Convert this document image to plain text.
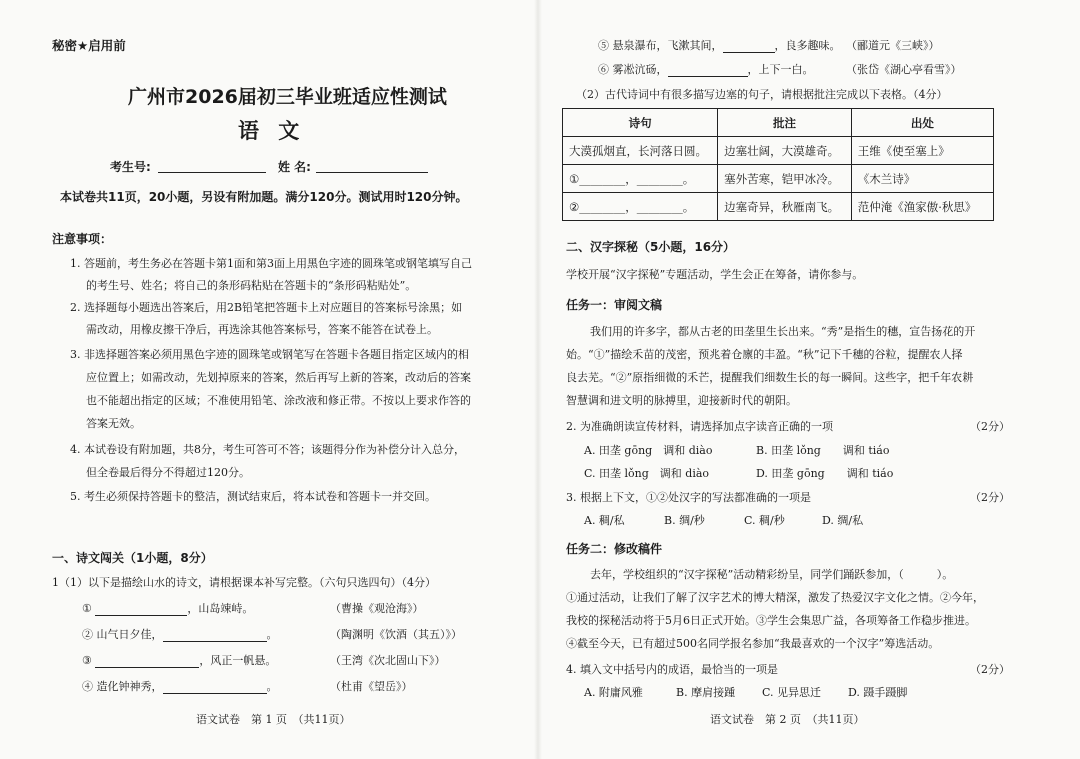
秘密★启用前
广州市2026届初三毕业班适应性测试
语 文
考生号:	姓 名:
本试卷共11页，20小题，另设有附加题。满分120分。测试用时120分钟。
注意事项：
1. 答题前，考生务必在答题卡第1面和第3面上用黑色字迹的圆珠笔或钢笔填写自己
的考生号、姓名；将自己的条形码粘贴在答题卡的“条形码粘贴处”。
2. 选择题每小题选出答案后，用2B铅笔把答题卡上对应题目的答案标号涂黑；如
需改动，用橡皮擦干净后，再选涂其他答案标号，答案不能答在试卷上。
3. 非选择题答案必须用黑色字迹的圆珠笔或钢笔写在答题卡各题目指定区域内的相
应位置上；如需改动，先划掉原来的答案，然后再写上新的答案，改动后的答案
也不能超出指定的区域；不准使用铅笔、涂改液和修正带。不按以上要求作答的
答案无效。
4. 本试卷设有附加题，共8分，考生可答可不答；该题得分作为补偿分计入总分，
但全卷最后得分不得超过120分。
5. 考生必须保持答题卡的整洁，测试结束后，将本试卷和答题卡一并交回。
一、诗文闯关（1小题，8分）
1（1）以下是描绘山水的诗文，请根据课本补写完整。（六句只选四句）（4分）
①	，山岛竦峙。	（曹操《观沧海》）
② 山气日夕佳，	。	（陶渊明《饮酒（其五）》）
③	，风正一帆悬。	（王湾《次北固山下》）
④ 造化钟神秀，	。	（杜甫《望岳》）
语文试卷　第 1 页　（共11页）
⑤ 悬泉瀑布，飞漱其间，	，良多趣味。 （郦道元《三峡》）
⑥ 雾凇沆砀，	，上下一白。	（张岱《湖心亭看雪》）
（2）古代诗词中有很多描写边塞的句子，请根据批注完成以下表格。（4分）
诗句	批注	出处
大漠孤烟直，长河落日圆。	边塞壮阔，大漠雄奇。	王维《使至塞上》
①________，________。	塞外苦寒，铠甲冰冷。	《木兰诗》
②________，________。	边塞奇异，秋雁南飞。	范仲淹《渔家傲·秋思》
二、汉字探秘（5小题，16分）
学校开展“汉字探秘”专题活动，学生会正在筹备，请你参与。
任务一：审阅文稿
我们用的许多字，都从古老的田垄里生长出来。“秀”是指生的穗，宣告扬花的开
始。“①”描绘禾苗的茂密，预兆着仓廪的丰盈。“秋”记下千穗的谷粒，提醒农人择
良去芜。“②”原指细微的禾芒，提醒我们细数生长的每一瞬间。这些字，把千年农耕
智慧调和进文明的脉搏里，迎接新时代的朝阳。
2. 为准确朗读宣传材料，请选择加点字读音正确的一项	（2分）
A. 田垄 gōng　调和 diào	B. 田垄 lǒng　　调和 tiáo
C. 田垄 lǒng　调和 diào	D. 田垄 gōng　　调和 tiáo
3. 根据上下文，①②处汉字的写法都准确的一项是	（2分）
A. 稠/私	B. 绸/秒	C. 稠/秒	D. 绸/私
任务二：修改稿件
去年，学校组织的“汉字探秘”活动精彩纷呈，同学们踊跃参加，（　　　）。
①通过活动，让我们了解了汉字艺术的博大精深，激发了热爱汉字文化之情。②今年，
我校的探秘活动将于5月6日正式开始。③学生会集思广益，各项筹备工作稳步推进。
④截至今天，已有超过500名同学报名参加“我最喜欢的一个汉字”筹选活动。
4. 填入文中括号内的成语，最恰当的一项是	（2分）
A. 附庸风雅	B. 摩肩接踵 C. 见异思迁 D. 蹑手蹑脚
语文试卷　第 2 页　（共11页）
